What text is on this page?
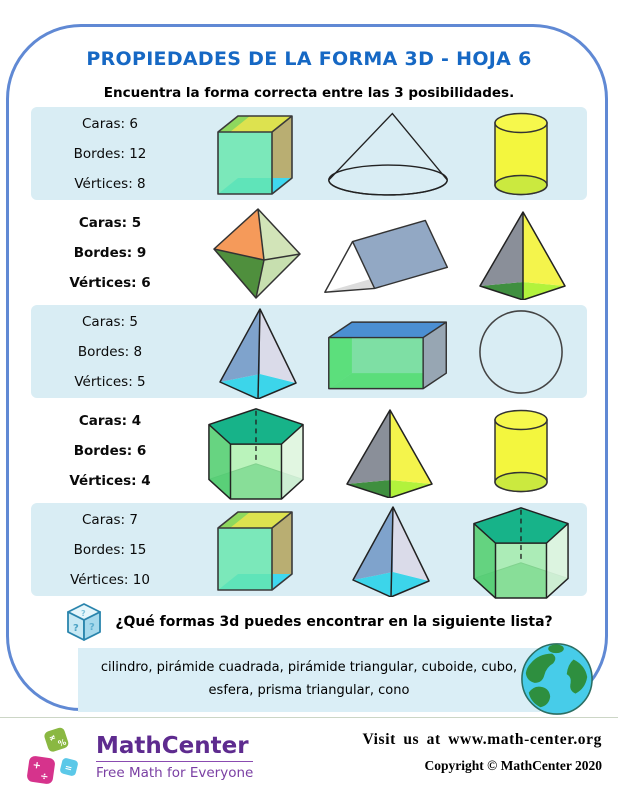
PROPIEDADES DE LA FORMA 3D - HOJA 6
Encuentra la forma correcta entre las 3 posibilidades.
Caras: 6
Bordes: 12
Vértices: 8
Caras: 5
Bordes: 9
Vértices: 6
Caras: 5
Bordes: 8
Vértices: 5
Caras: 4
Bordes: 6
Vértices: 4
Caras: 7
Bordes: 15
Vértices: 10
? ?
?
¿Qué formas 3d puedes encontrar en la siguiente lista?
cilindro, pirámide cuadrada, pirámide triangular, cuboide, cubo,
esfera, prisma triangular, cono
≠ %
+
÷
=
MathCenter
Free Math for Everyone
Visit us at www.math-center.org
Copyright © MathCenter 2020
